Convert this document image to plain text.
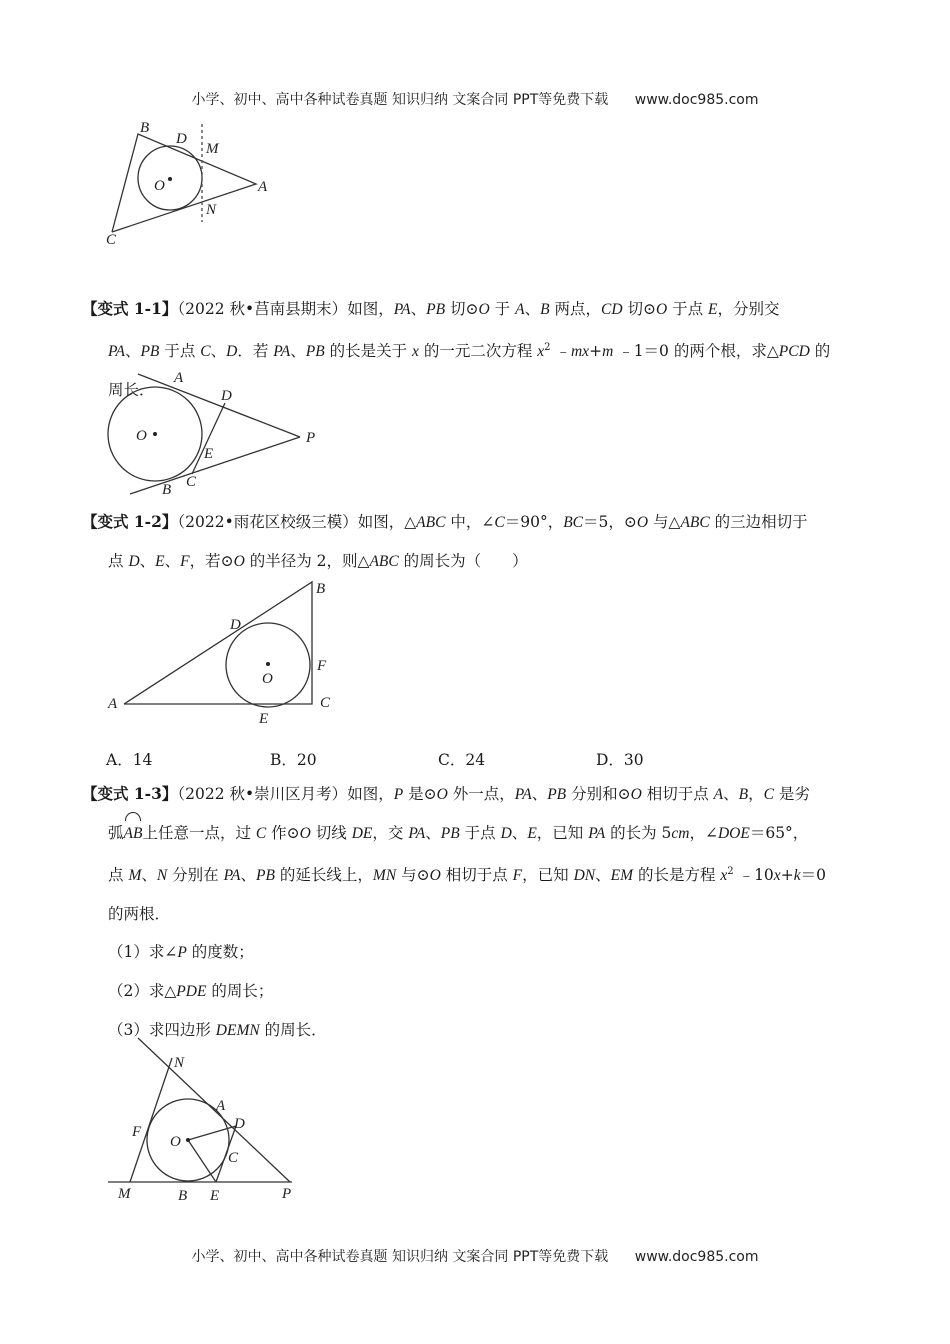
小学、初中、高中各种试卷真题 知识归纳 文案合同 PPT等免费下载 www.doc985.com
B
D
M
O	A
N
C

【变式 1-1】（2022 秋•莒南县期末）如图，PA、PB 切⊙O 于 A、B 两点，CD 切⊙O 于点 E，分别交

PA、PB 于点 C、D．若 PA、PB 的长是关于 x 的一元二次方程 $x^2$ ﹣mx+m ﹣1＝0 的两个根，求△PCD 的

周长．

A
D
O	P
E
C
B

【变式 1-2】（2022•雨花区校级三模）如图，△ABC 中，∠C＝90°，BC＝5，⊙O 与△ABC 的三边相切于

点 D、E、F，若⊙O 的半径为 2，则△ABC 的周长为（　　）

B
D
O
F
A	C
E
A．14	B．20	C．24	D．30

【变式 1-3】（2022 秋•崇川区月考）如图，P 是⊙O 外一点，PA、PB 分别和⊙O 相切于点 A、B，C 是劣

弧AB上任意一点，过 C 作⊙O 切线 DE，交 PA、PB 于点 D、E，已知 PA 的长为 5cm，∠DOE＝65°，

点 M、N 分别在 PA、PB 的延长线上，MN 与⊙O 相切于点 F，已知 DN、EM 的长是方程 $x^2$ ﹣10x+k＝0

的两根．

（1）求∠P 的度数；

（2）求△PDE 的周长；

（3）求四边形 DEMN 的周长．

N
A
D
F
O
C
M	B E	P
小学、初中、高中各种试卷真题 知识归纳 文案合同 PPT等免费下载 www.doc985.com
